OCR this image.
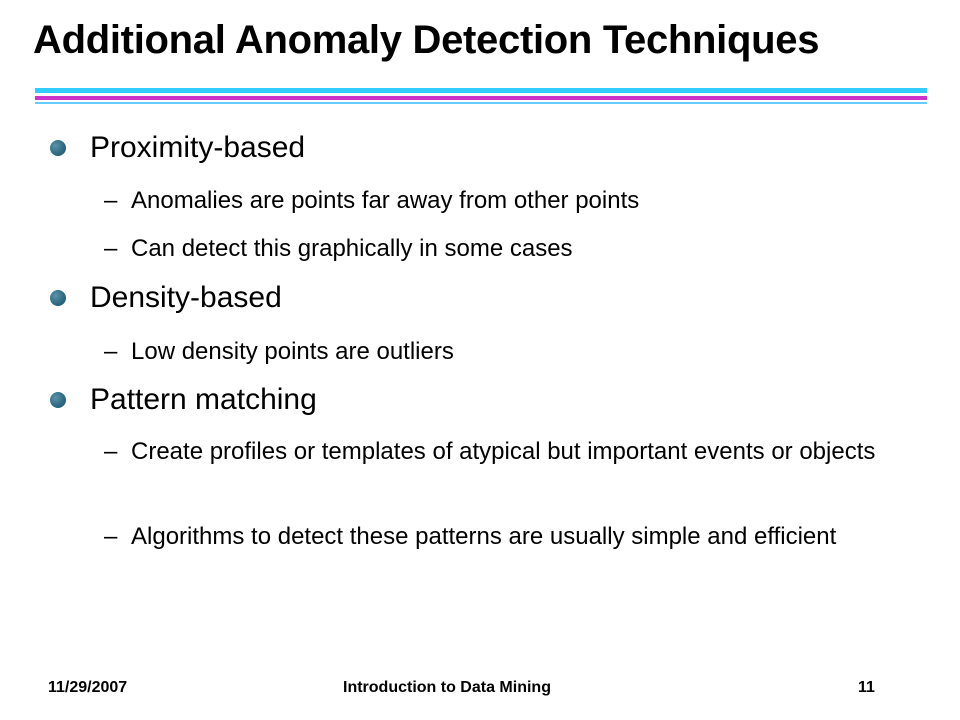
Additional Anomaly Detection Techniques
Proximity-based
– Anomalies are points far away from other points
– Can detect this graphically in some cases
Density-based
– Low density points are outliers
Pattern matching
– Create profiles or templates of atypical but important events or objects
– Algorithms to detect these patterns are usually simple and efficient
11/29/2007	Introduction to Data Mining	11
